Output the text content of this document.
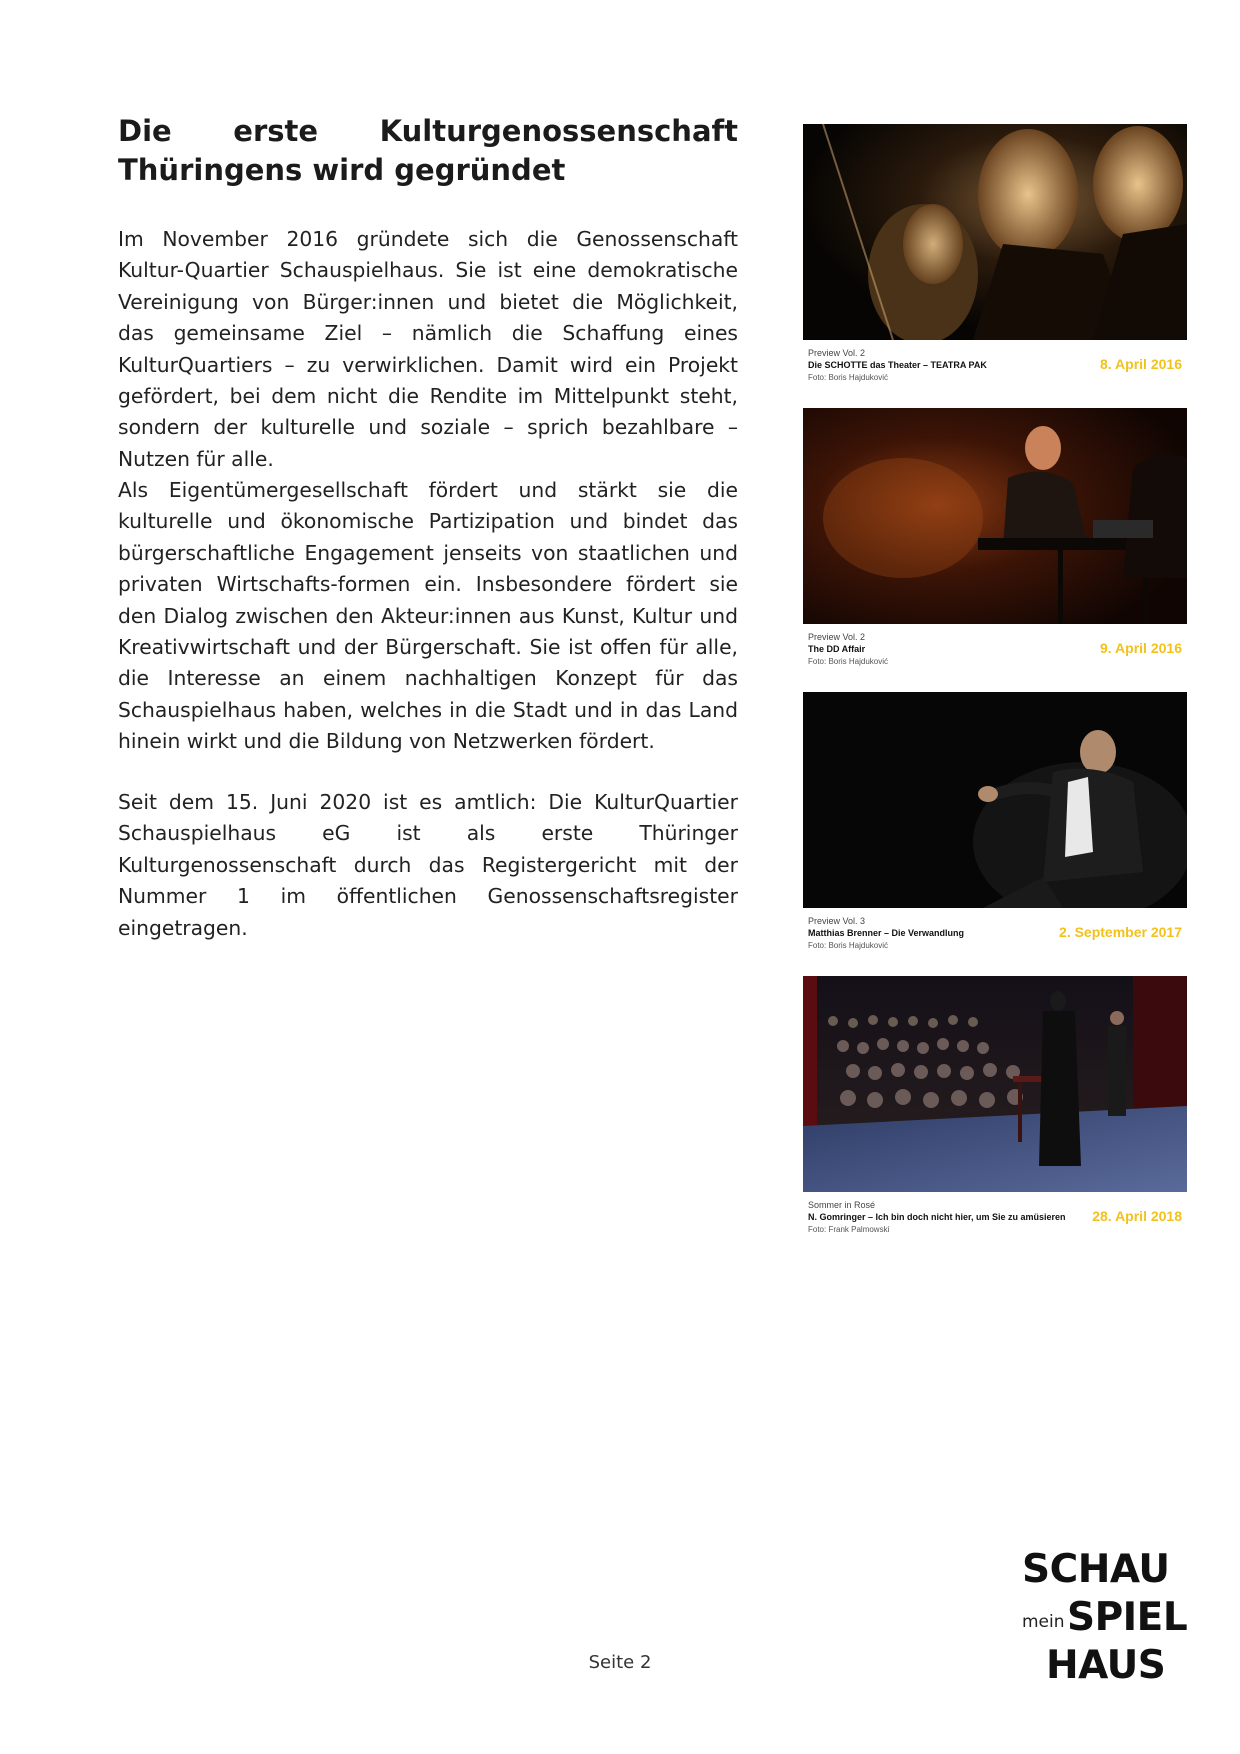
Die erste Kulturgenossenschaft Thüringens wird gegründet

Im November 2016 gründete sich die Genossenschaft Kultur-Quartier Schauspielhaus. Sie ist eine demokratische Vereinigung von Bürger:innen und bietet die Möglichkeit, das gemeinsame Ziel – nämlich die Schaffung eines KulturQuartiers – zu verwirklichen. Damit wird ein Projekt gefördert, bei dem nicht die Rendite im Mittelpunkt steht, sondern der kulturelle und soziale – sprich bezahlbare – Nutzen für alle.

Als Eigentümergesellschaft fördert und stärkt sie die kulturelle und ökonomische Partizipation und bindet das bürgerschaftliche Engagement jenseits von staatlichen und privaten Wirtschafts-formen ein. Insbesondere fördert sie den Dialog zwischen den Akteur:innen aus Kunst, Kultur und Kreativwirtschaft und der Bürgerschaft. Sie ist offen für alle, die Interesse an einem nachhaltigen Konzept für das Schauspielhaus haben, welches in die Stadt und in das Land hinein wirkt und die Bildung von Netzwerken fördert.

Seit dem 15. Juni 2020 ist es amtlich: Die KulturQuartier Schauspielhaus eG ist als erste Thüringer Kulturgenossenschaft durch das Registergericht mit der Nummer 1 im öffentlichen Genossenschaftsregister eingetragen.

Preview Vol. 2
Die SCHOTTE das Theater – TEATRA PAK
Foto: Boris Hajduković
8. April 2016
Preview Vol. 2
The DD Affair
Foto: Boris Hajduković
9. April 2016
Preview Vol. 3
Matthias Brenner – Die Verwandlung
Foto: Boris Hajduković
2. September 2017
Sommer in Rosé
N. Gomringer – Ich bin doch nicht hier, um Sie zu amüsieren
Foto: Frank Palmowski
28. April 2018
Seite 2
SCHAU
mein SPIEL
HAUS
